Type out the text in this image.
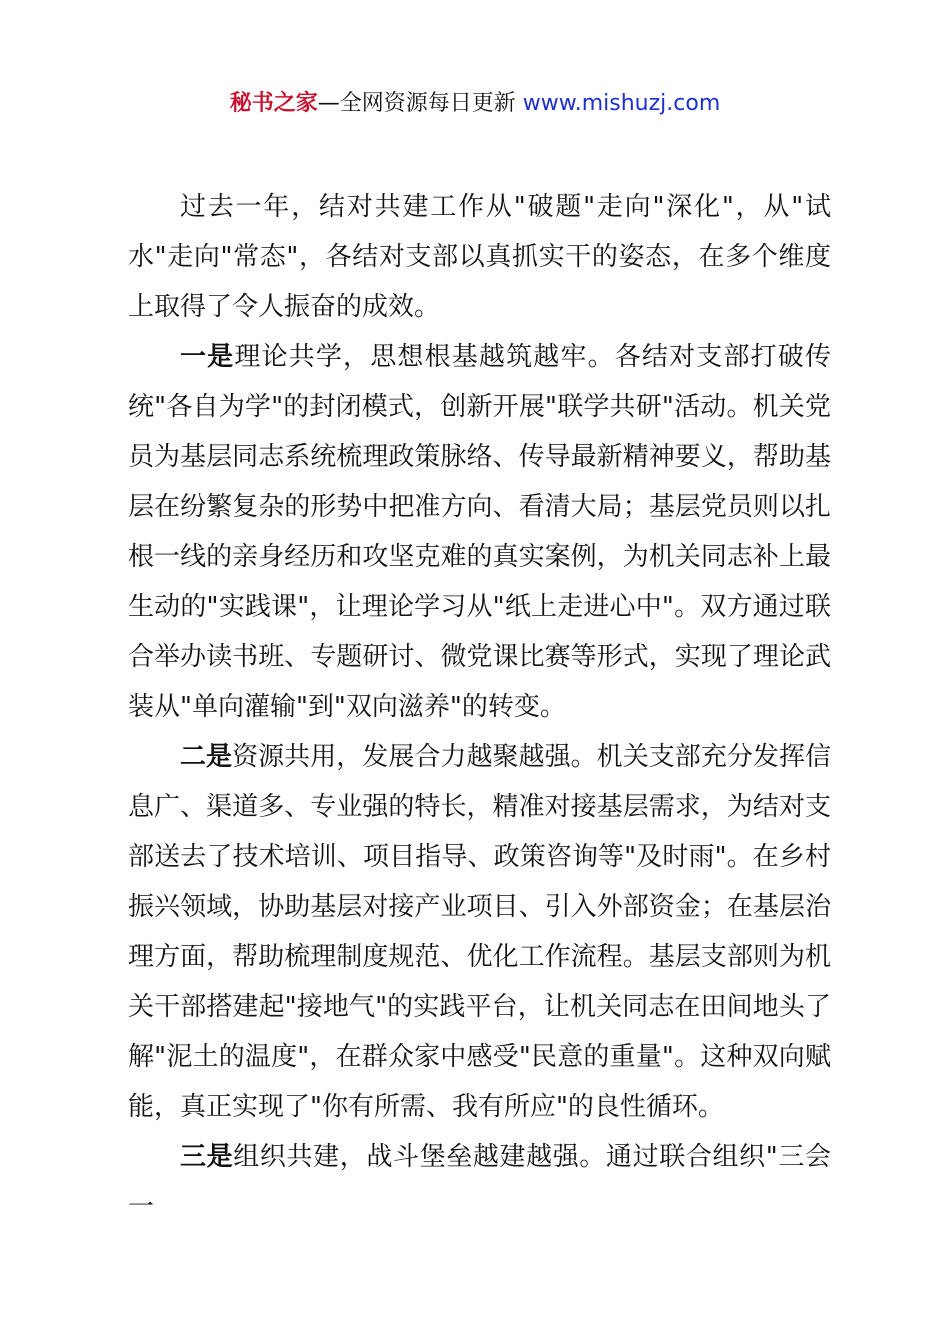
秘书之家—全网资源每日更新 www.mishuzj.com

过去一年，结对共建工作从"破题"走向"深化"，从"试水"走向"常态"，各结对支部以真抓实干的姿态，在多个维度上取得了令人振奋的成效。

一是理论共学，思想根基越筑越牢。各结对支部打破传统"各自为学"的封闭模式，创新开展"联学共研"活动。机关党员为基层同志系统梳理政策脉络、传导最新精神要义，帮助基层在纷繁复杂的形势中把准方向、看清大局；基层党员则以扎根一线的亲身经历和攻坚克难的真实案例，为机关同志补上最生动的"实践课"，让理论学习从"纸上走进心中"。双方通过联合举办读书班、专题研讨、微党课比赛等形式，实现了理论武装从"单向灌输"到"双向滋养"的转变。

二是资源共用，发展合力越聚越强。机关支部充分发挥信息广、渠道多、专业强的特长，精准对接基层需求，为结对支部送去了技术培训、项目指导、政策咨询等"及时雨"。在乡村振兴领域，协助基层对接产业项目、引入外部资金；在基层治理方面，帮助梳理制度规范、优化工作流程。基层支部则为机关干部搭建起"接地气"的实践平台，让机关同志在田间地头了解"泥土的温度"，在群众家中感受"民意的重量"。这种双向赋能，真正实现了"你有所需、我有所应"的良性循环。

三是组织共建，战斗堡垒越建越强。通过联合组织"三会一
